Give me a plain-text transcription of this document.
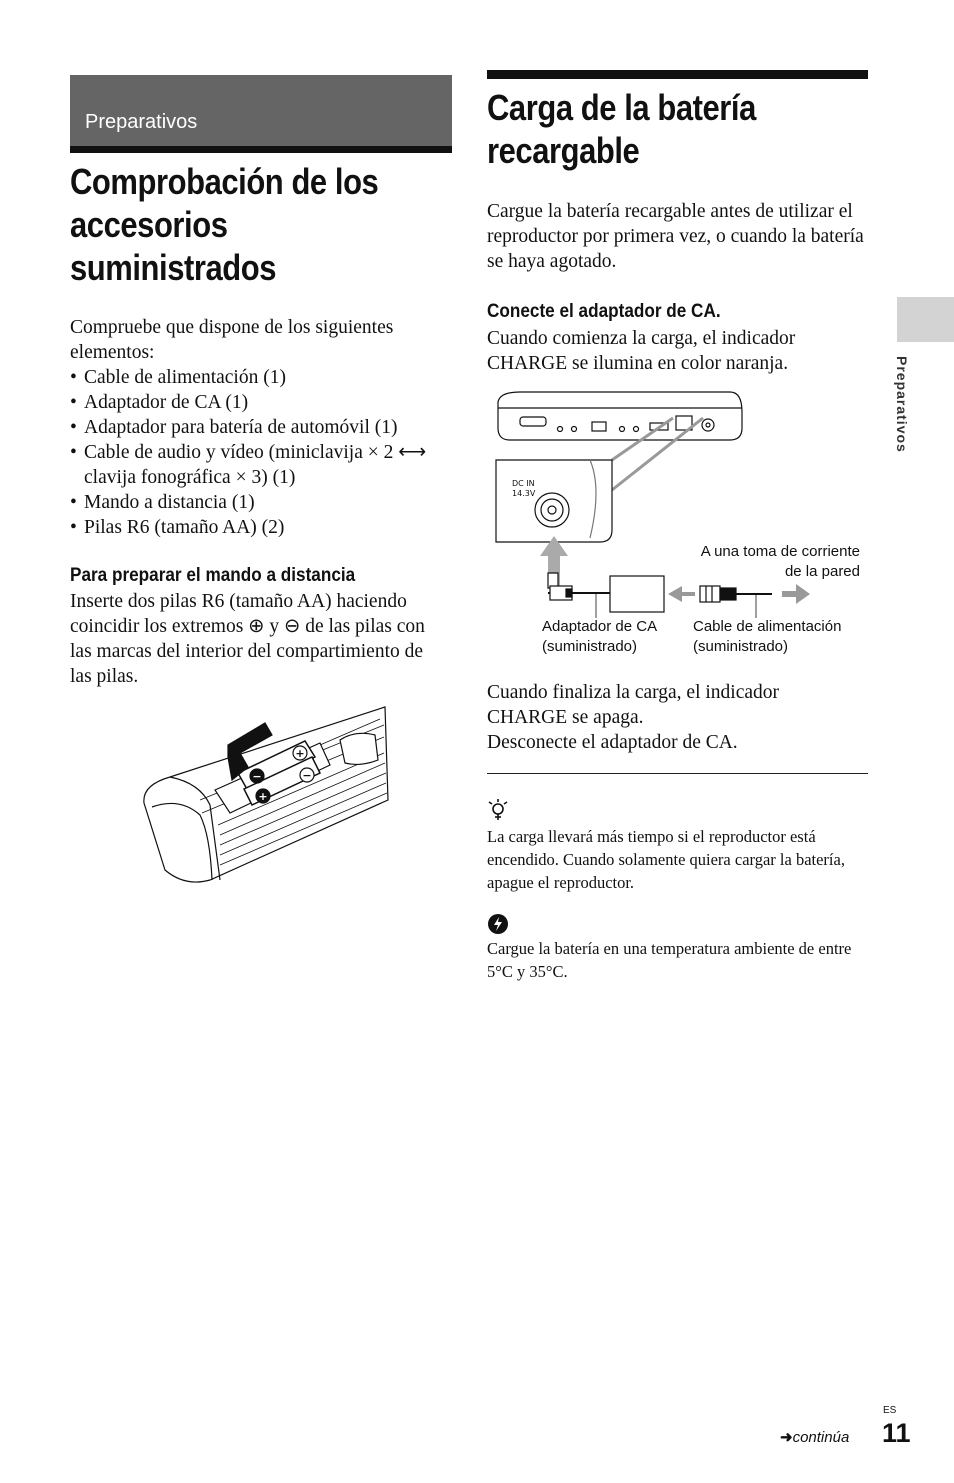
Preparativos
Comprobación de los
accesorios
suministrados
Compruebe que dispone de los siguientes elementos:
• Cable de alimentación (1)
• Adaptador de CA (1)
• Adaptador para batería de automóvil (1)
• Cable de audio y vídeo (miniclavija × 2 ⟷ clavija fonográfica × 3) (1)
• Mando a distancia (1)
• Pilas R6 (tamaño AA) (2)
Para preparar el mando a distancia
Inserte dos pilas R6 (tamaño AA) haciendo
coincidir los extremos ⊕ y ⊖ de las pilas con
las marcas del interior del compartimiento de
las pilas.
−
+
+
−
Carga de la batería
recargable
Cargue la batería recargable antes de utilizar el reproductor por primera vez, o cuando la batería se haya agotado.
Conecte el adaptador de CA.
Cuando comienza la carga, el indicador CHARGE se ilumina en color naranja.
DC IN
14.3V
A una toma de corriente
de la pared
Adaptador de CA
(suministrado)
Cable de alimentación
(suministrado)
Cuando finaliza la carga, el indicador
CHARGE se apaga.
Desconecte el adaptador de CA.
La carga llevará más tiempo si el reproductor está encendido. Cuando solamente quiera cargar la batería, apague el reproductor.
Cargue la batería en una temperatura ambiente de entre 5°C y 35°C.
Preparativos
ES
➜continúa 11
